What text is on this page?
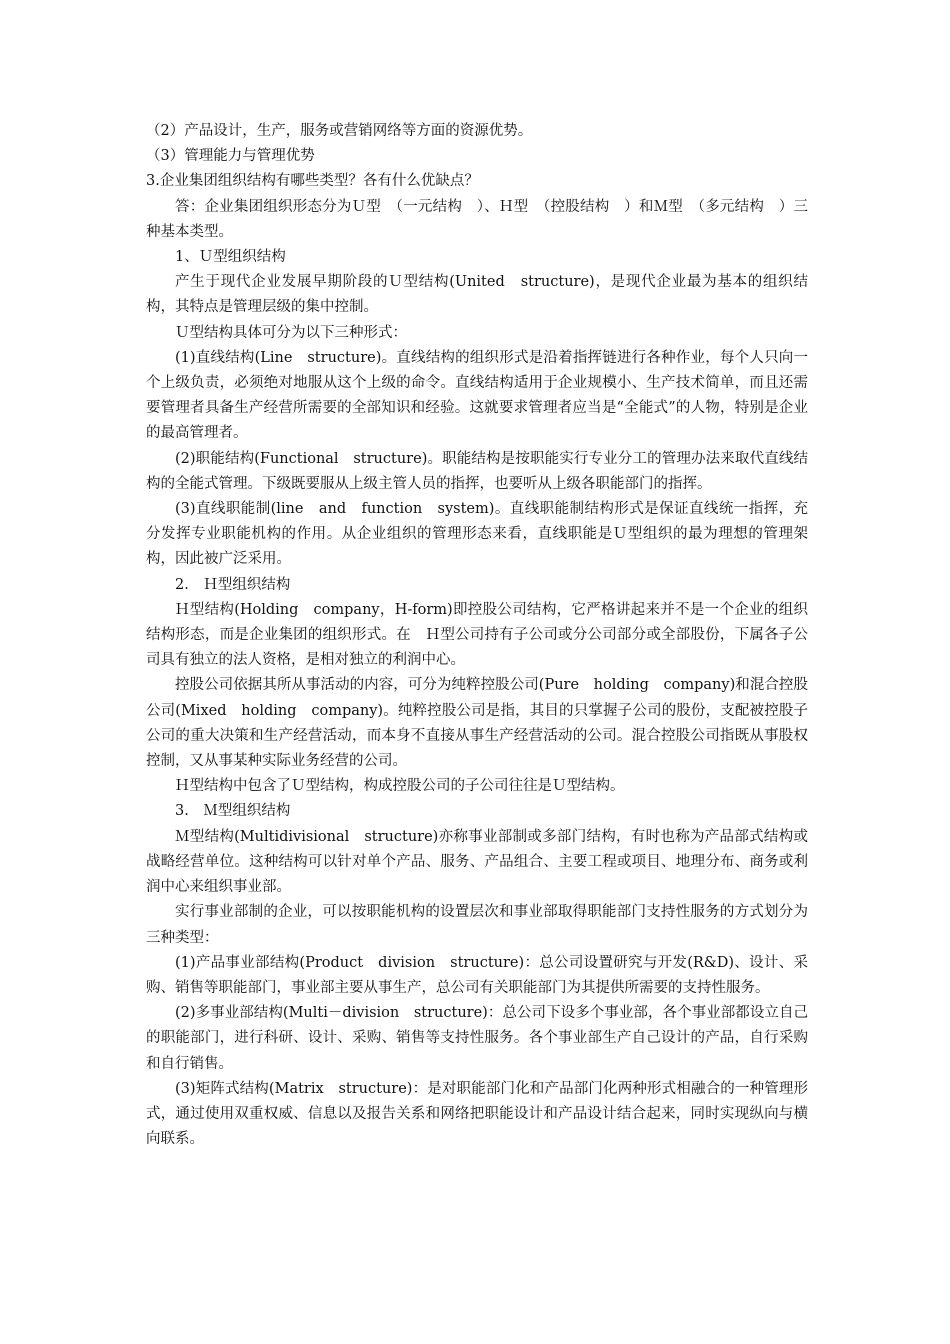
（2）产品设计，生产，服务或营销网络等方面的资源优势。

（3）管理能力与管理优势

3.企业集团组织结构有哪些类型？各有什么优缺点？

答：企业集团组织形态分为Ｕ型　（一元结构　）、Ｈ型　（控股结构　）和Ｍ型　（多元结构　）三种基本类型。

1、Ｕ型组织结构

产生于现代企业发展早期阶段的Ｕ型结构(United　structure)，是现代企业最为基本的组织结构，其特点是管理层级的集中控制。

Ｕ型结构具体可分为以下三种形式：

(1)直线结构(Line　structure)。直线结构的组织形式是沿着指挥链进行各种作业，每个人只向一个上级负责，必须绝对地服从这个上级的命令。直线结构适用于企业规模小、生产技术简单，而且还需要管理者具备生产经营所需要的全部知识和经验。这就要求管理者应当是“全能式”的人物，特别是企业的最高管理者。

(2)职能结构(Functional　structure)。职能结构是按职能实行专业分工的管理办法来取代直线结构的全能式管理。下级既要服从上级主管人员的指挥，也要听从上级各职能部门的指挥。

(3)直线职能制(line　and　function　system)。直线职能制结构形式是保证直线统一指挥，充分发挥专业职能机构的作用。从企业组织的管理形态来看，直线职能是Ｕ型组织的最为理想的管理架构，因此被广泛采用。

2.　Ｈ型组织结构

Ｈ型结构(Holding　company，H-form)即控股公司结构，它严格讲起来并不是一个企业的组织结构形态，而是企业集团的组织形式。在　Ｈ型公司持有子公司或分公司部分或全部股份，下属各子公司具有独立的法人资格，是相对独立的利润中心。

控股公司依据其所从事活动的内容，可分为纯粹控股公司(Pure　holding　company)和混合控股公司(Mixed　holding　company)。纯粹控股公司是指，其目的只掌握子公司的股份，支配被控股子公司的重大决策和生产经营活动，而本身不直接从事生产经营活动的公司。混合控股公司指既从事股权控制，又从事某种实际业务经营的公司。

Ｈ型结构中包含了Ｕ型结构，构成控股公司的子公司往往是Ｕ型结构。

3.　Ｍ型组织结构

Ｍ型结构(Multidivisional　structure)亦称事业部制或多部门结构，有时也称为产品部式结构或战略经营单位。这种结构可以针对单个产品、服务、产品组合、主要工程或项目、地理分布、商务或利润中心来组织事业部。

实行事业部制的企业，可以按职能机构的设置层次和事业部取得职能部门支持性服务的方式划分为三种类型：

(1)产品事业部结构(Product　division　structure)：总公司设置研究与开发(R&D)、设计、采购、销售等职能部门，事业部主要从事生产，总公司有关职能部门为其提供所需要的支持性服务。

(2)多事业部结构(Multi－division　structure)：总公司下设多个事业部，各个事业部都设立自己的职能部门，进行科研、设计、采购、销售等支持性服务。各个事业部生产自己设计的产品，自行采购和自行销售。

(3)矩阵式结构(Matrix　structure)：是对职能部门化和产品部门化两种形式相融合的一种管理形式，通过使用双重权威、信息以及报告关系和网络把职能设计和产品设计结合起来，同时实现纵向与横向联系。
